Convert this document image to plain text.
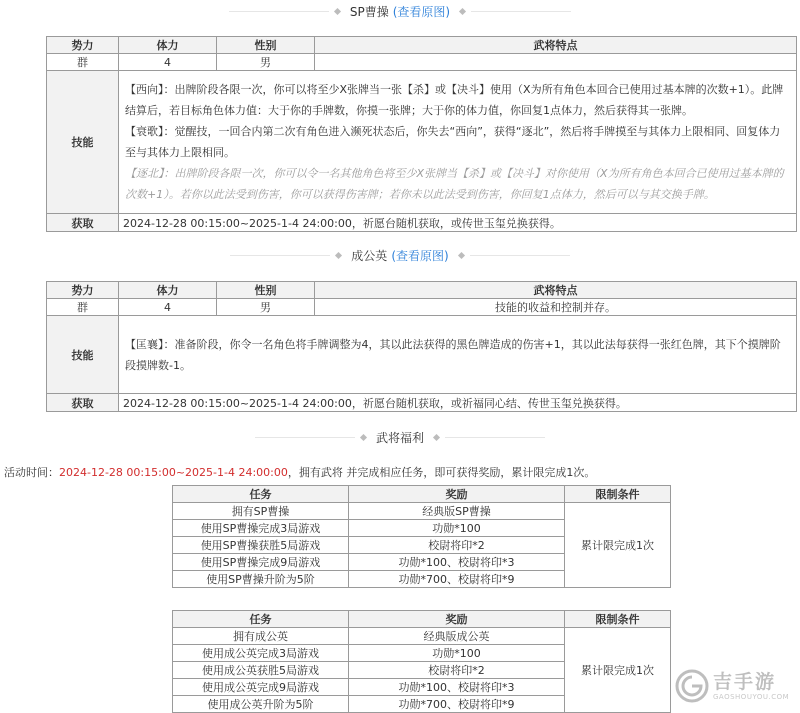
SP曹操 (查看原图)
势力	体力	性别	武将特点
群	4	男	
技能	【西向】：出牌阶段各限一次，你可以将至少X张牌当一张【杀】或【决斗】使用（X为所有角色本回合已使用过基本牌的次数+1）。此牌结算后，若目标角色体力值：大于你的手牌数，你摸一张牌；大于你的体力值，你回复1点体力，然后获得其一张牌。
【衰歌】：觉醒技，一回合内第二次有角色进入濒死状态后，你失去“西向”，获得“逐北”，然后将手牌摸至与其体力上限相同、回复体力至与其体力上限相同。
【逐北】：出牌阶段各限一次，你可以令一名其他角色将至少X张牌当【杀】或【决斗】对你使用（X为所有角色本回合已使用过基本牌的次数+1）。若你以此法受到伤害，你可以获得伤害牌；若你未以此法受到伤害，你回复1点体力，然后可以与其交换手牌。		

获取	2024-12-28 00:15:00~2025-1-4 24:00:00，祈愿台随机获取，或传世玉玺兑换获得。		
成公英 (查看原图)
势力	体力	性别	武将特点
群	4	男	技能的收益和控制并存。
技能	【匡襄】：准备阶段，你令一名角色将手牌调整为4，其以此法获得的黑色牌造成的伤害+1，其以此法每获得一张红色牌，其下个摸牌阶段摸牌数-1。		

获取	2024-12-28 00:15:00~2025-1-4 24:00:00，祈愿台随机获取，或祈福同心结、传世玉玺兑换获得。		
武将福利
活动时间：2024-12-28 00:15:00~2025-1-4 24:00:00，拥有武将 并完成相应任务，即可获得奖励，累计限完成1次。
任务	奖励	限制条件
拥有SP曹操	经典版SP曹操	累计限完成1次
使用SP曹操完成3局游戏	功勋*100	
使用SP曹操获胜5局游戏	校尉将印*2	
使用SP曹操完成9局游戏	功勋*100、校尉将印*3	
使用SP曹操升阶为5阶	功勋*700、校尉将印*9	
任务	奖励	限制条件
拥有成公英	经典版成公英	累计限完成1次
使用成公英完成3局游戏	功勋*100	
使用成公英获胜5局游戏	校尉将印*2	
使用成公英完成9局游戏	功勋*100、校尉将印*3	
使用成公英升阶为5阶	功勋*700、校尉将印*9	
吉手游
GAOSHOUYOU.COM
